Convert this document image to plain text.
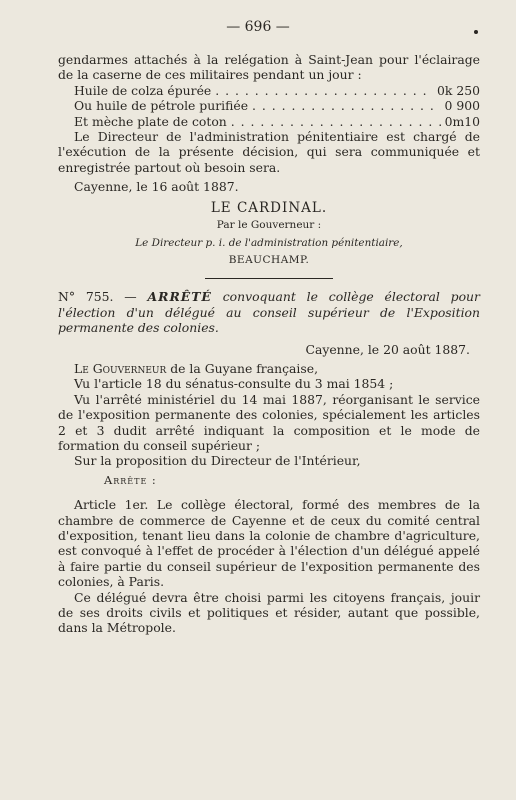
— 696 —

gendarmes attachés à la relégation à Saint-Jean pour l'éclairage de la caserne de ces militaires pendant un jour :

Huile de colza épurée . . .	0k 250
Ou huile de pétrole purifiée . . .	0 900
Et mèche plate de coton . . .	0m10

Le Directeur de l'administration pénitentiaire est chargé de l'exécution de la présente décision, qui sera communiquée et enregistrée partout où besoin sera.

Cayenne, le 16 août 1887.

LE CARDINAL.
Par le Gouverneur :
Le Directeur p. i. de l'administration pénitentiaire,
BEAUCHAMP.

N° 755. — ARRÊTÉ convoquant le collège électoral pour l'élection d'un délégué au conseil supérieur de l'Exposition permanente des colonies.

Cayenne, le 20 août 1887.

Le Gouverneur de la Guyane française,

Vu l'article 18 du sénatus-consulte du 3 mai 1854 ;

Vu l'arrêté ministériel du 14 mai 1887, réorganisant le service de l'exposition permanente des colonies, spécialement les articles 2 et 3 dudit arrêté indiquant la composition et le mode de formation du conseil supérieur ;

Sur la proposition du Directeur de l'Intérieur,

Arrête :

Article 1er. Le collège électoral, formé des membres de la chambre de commerce de Cayenne et de ceux du comité central d'exposition, tenant lieu dans la colonie de chambre d'agriculture, est convoqué à l'effet de procéder à l'élection d'un délégué appelé à faire partie du conseil supérieur de l'exposition permanente des colonies, à Paris.

Ce délégué devra être choisi parmi les citoyens français, jouir de ses droits civils et politiques et résider, autant que possible, dans la Métropole.
